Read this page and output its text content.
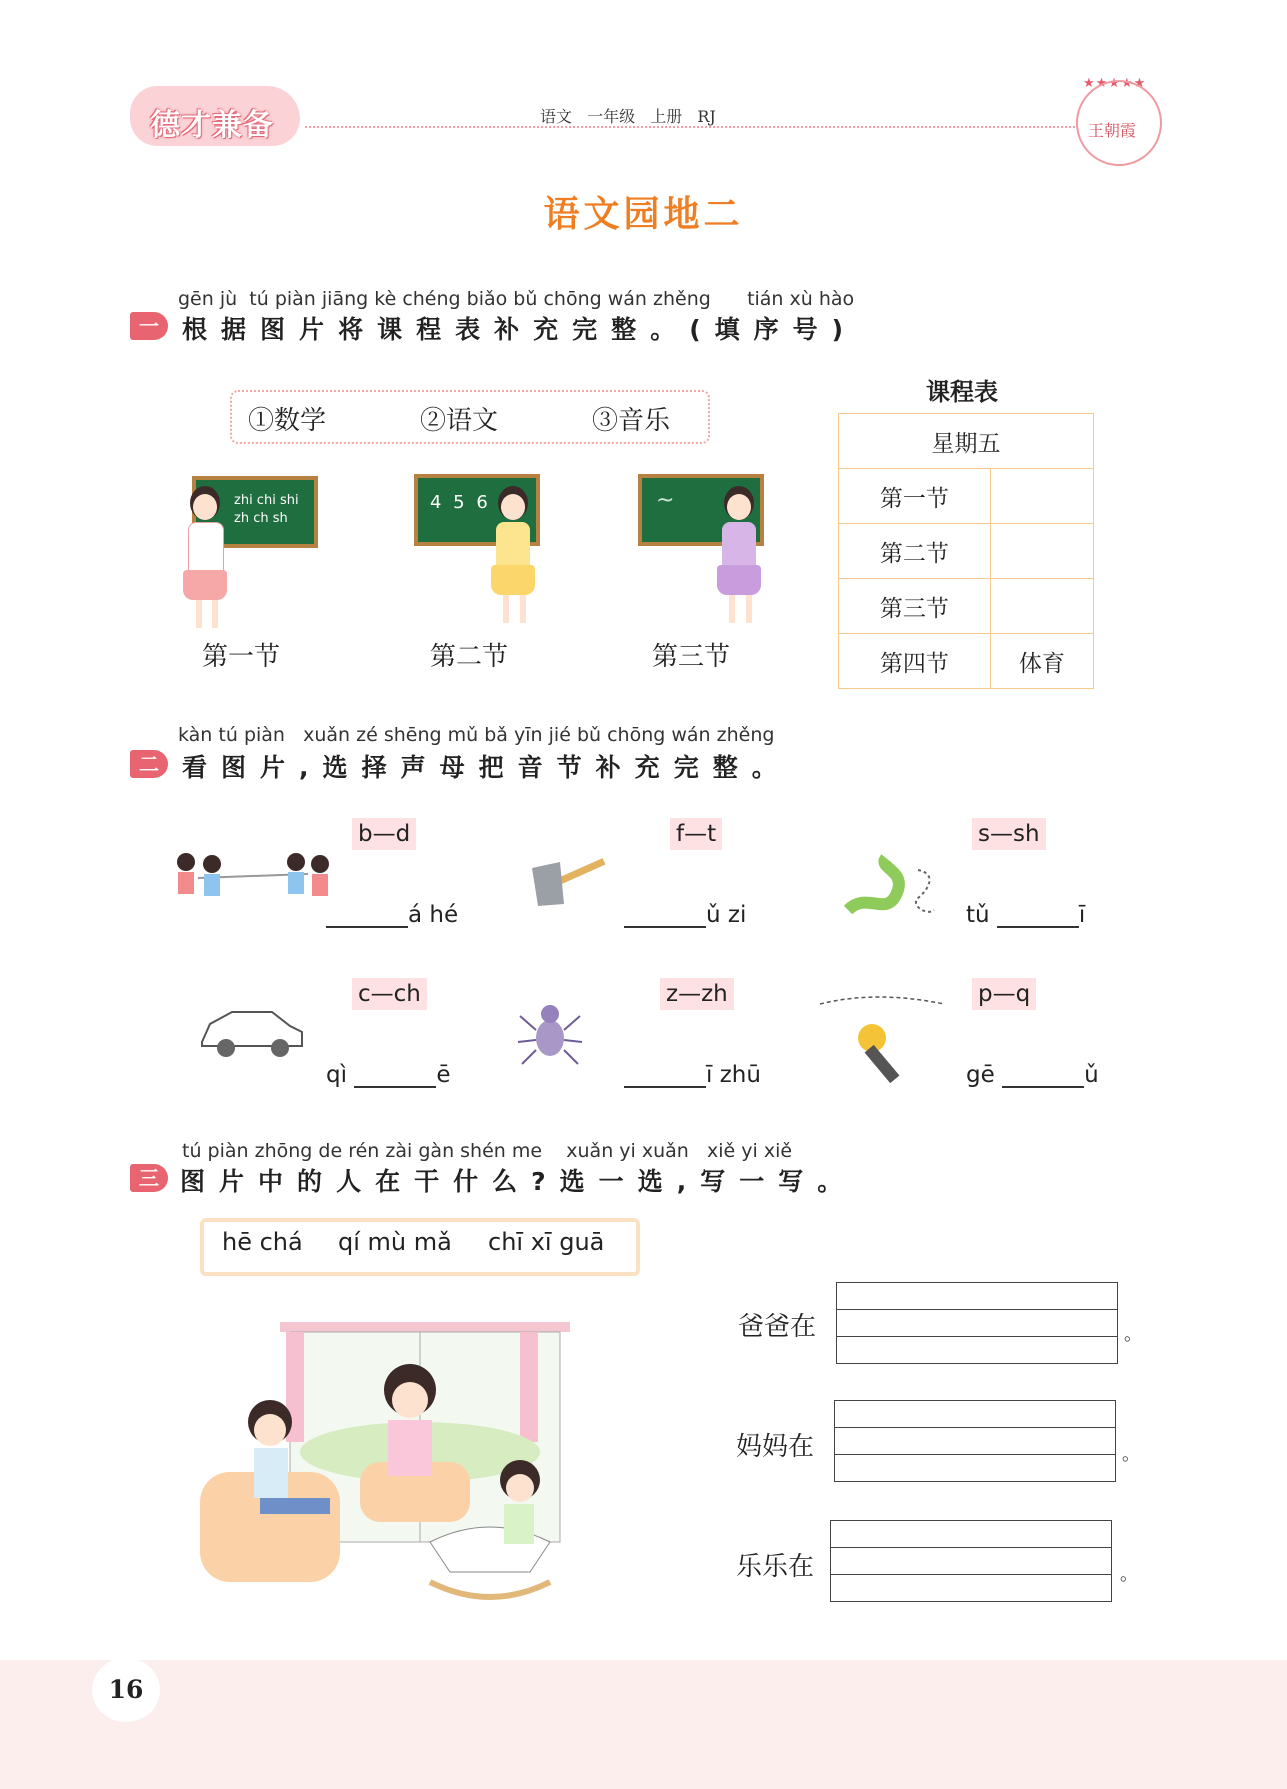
德才兼备	语文 一年级 上册 RJ
★★★★★
王朝霞
语文园地二
一
gēn jù tú piàn jiāng kè chéng biǎo bǔ chōng wán zhěng tián xù hào
根据图片将课程表补充完整。(填序号)
①数学	②语文	③音乐
zhi chi shi
zh ch sh
第一节
4 5 6
第二节
~
第三节
课程表
星期五	
第一节	
第二节	
第三节	
第四节	体育
二
kàn tú piàn xuǎn zé shēng mǔ bǎ yīn jié bǔ chōng wán zhěng
看图片,选择声母把音节补充完整。
b—d	f—t	s—sh
á hé	ǔ zi	tǔ	ī
c—ch	z—zh	p—q
qì	ē	ī zhū	gē	ǔ
三
tú piàn zhōng de rén zài gàn shén me xuǎn yi xuǎn xiě yi xiě
图片中的人在干什么?选一选,写一写。
hē chá qí mù mǎ chī xī guā
爸爸在	。
妈妈在	。
乐乐在	。
16
